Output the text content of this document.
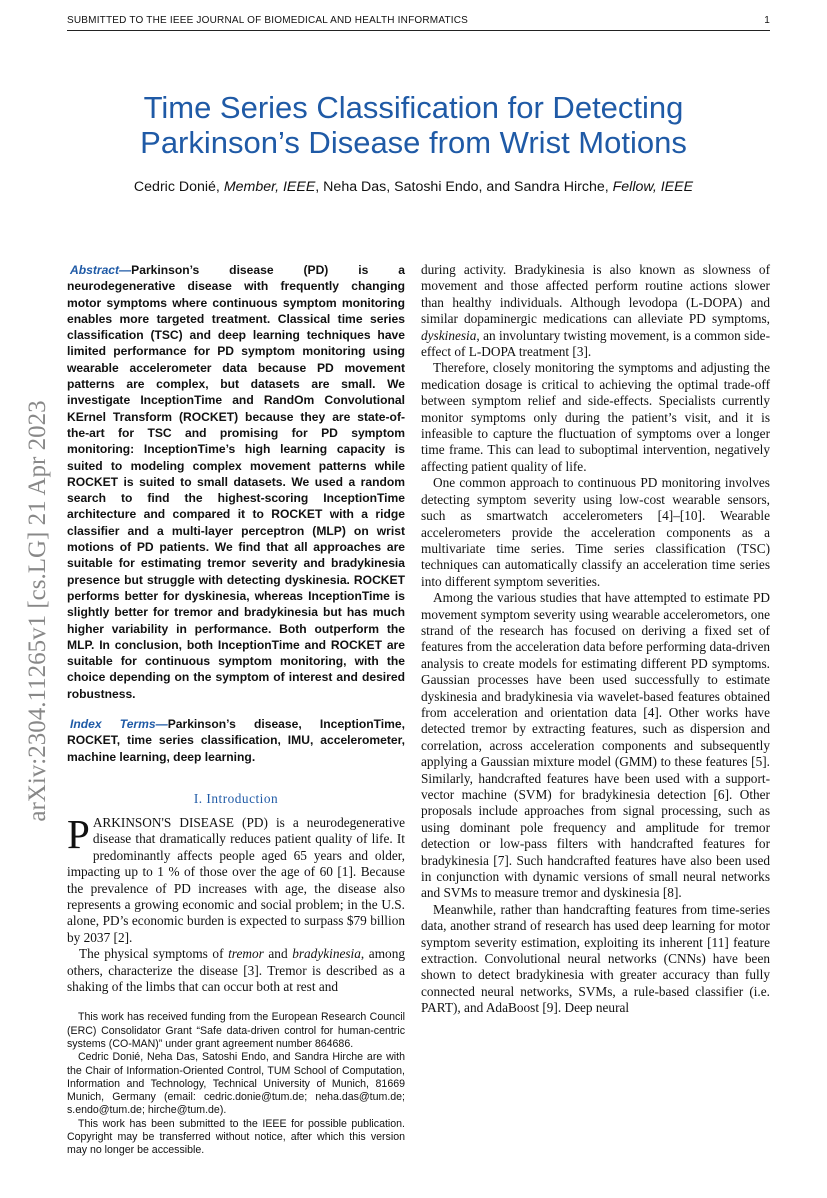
SUBMITTED TO THE IEEE JOURNAL OF BIOMEDICAL AND HEALTH INFORMATICS	1
Time Series Classification for Detecting
Parkinson’s Disease from Wrist Motions
Cedric Donié, Member, IEEE, Neha Das, Satoshi Endo, and Sandra Hirche, Fellow, IEEE
arXiv:2304.11265v1 [cs.LG] 21 Apr 2023

Abstract—Parkinson’s disease (PD) is a neurodegenerative disease with frequently changing motor symptoms where continuous symptom monitoring enables more targeted treatment. Classical time series classification (TSC) and deep learning techniques have limited performance for PD symptom monitoring using wearable accelerometer data because PD movement patterns are complex, but datasets are small. We investigate InceptionTime and RandOm Convolutional KErnel Transform (ROCKET) because they are state-of-the-art for TSC and promising for PD symptom monitoring: InceptionTime’s high learning capacity is suited to modeling complex movement patterns while ROCKET is suited to small datasets. We used a random search to find the highest-scoring InceptionTime architecture and compared it to ROCKET with a ridge classifier and a multi-layer perceptron (MLP) on wrist motions of PD patients. We find that all approaches are suitable for estimating tremor severity and bradykinesia presence but struggle with detecting dyskinesia. ROCKET performs better for dyskinesia, whereas InceptionTime is slightly better for tremor and bradykinesia but has much higher variability in performance. Both outperform the MLP. In conclusion, both InceptionTime and ROCKET are suitable for continuous symptom monitoring, with the choice depending on the symptom of interest and desired robustness.

Index Terms—Parkinson’s disease, InceptionTime, ROCKET, time series classification, IMU, accelerometer, machine learning, deep learning.

I. Introduction

PARKINSON'S DISEASE (PD) is a neurodegenerative disease that dramatically reduces patient quality of life. It predominantly affects people aged 65 years and older, impacting up to 1 % of those over the age of 60 [1]. Because the prevalence of PD increases with age, the disease also represents a growing economic and social problem; in the U.S. alone, PD’s economic burden is expected to surpass $79 billion by 2037 [2].

The physical symptoms of tremor and bradykinesia, among others, characterize the disease [3]. Tremor is described as a shaking of the limbs that can occur both at rest and

This work has received funding from the European Research Council (ERC) Consolidator Grant “Safe data-driven control for human-centric systems (CO-MAN)” under grant agreement number 864686.

Cedric Donié, Neha Das, Satoshi Endo, and Sandra Hirche are with the Chair of Information-Oriented Control, TUM School of Computation, Information and Technology, Technical University of Munich, 81669 Munich, Germany (email: cedric.donie@tum.de; neha.das@tum.de; s.endo@tum.de; hirche@tum.de).

This work has been submitted to the IEEE for possible publication. Copyright may be transferred without notice, after which this version may no longer be accessible.

during activity. Bradykinesia is also known as slowness of movement and those affected perform routine actions slower than healthy individuals. Although levodopa (L-DOPA) and similar dopaminergic medications can alleviate PD symptoms, dyskinesia, an involuntary twisting movement, is a common side-effect of L-DOPA treatment [3].

Therefore, closely monitoring the symptoms and adjusting the medication dosage is critical to achieving the optimal trade-off between symptom relief and side-effects. Specialists currently monitor symptoms only during the patient’s visit, and it is infeasible to capture the fluctuation of symptoms over a longer time frame. This can lead to suboptimal intervention, negatively affecting patient quality of life.

One common approach to continuous PD monitoring involves detecting symptom severity using low-cost wearable sensors, such as smartwatch accelerometers [4]–[10]. Wearable accelerometers provide the acceleration components as a multivariate time series. Time series classification (TSC) techniques can automatically classify an acceleration time series into different symptom severities.

Among the various studies that have attempted to estimate PD movement symptom severity using wearable accelerometors, one strand of the research has focused on deriving a fixed set of features from the acceleration data before performing data-driven analysis to create models for estimating different PD symptoms. Gaussian processes have been used successfully to estimate dyskinesia and bradykinesia via wavelet-based features obtained from acceleration and orientation data [4]. Other works have detected tremor by extracting features, such as dispersion and correlation, across acceleration components and subsequently applying a Gaussian mixture model (GMM) to these features [5]. Similarly, handcrafted features have been used with a support-vector machine (SVM) for bradykinesia detection [6]. Other proposals include approaches from signal processing, such as using dominant pole frequency and amplitude for tremor detection or low-pass filters with handcrafted features for bradykinesia [7]. Such handcrafted features have also been used in conjunction with dynamic versions of small neural networks and SVMs to measure tremor and dyskinesia [8].

Meanwhile, rather than handcrafting features from time-series data, another strand of research has used deep learning for motor symptom severity estimation, exploiting its inherent [11] feature extraction. Convolutional neural networks (CNNs) have been shown to detect bradykinesia with greater accuracy than fully connected neural networks, SVMs, a rule-based classifier (i.e. PART), and AdaBoost [9]. Deep neural
